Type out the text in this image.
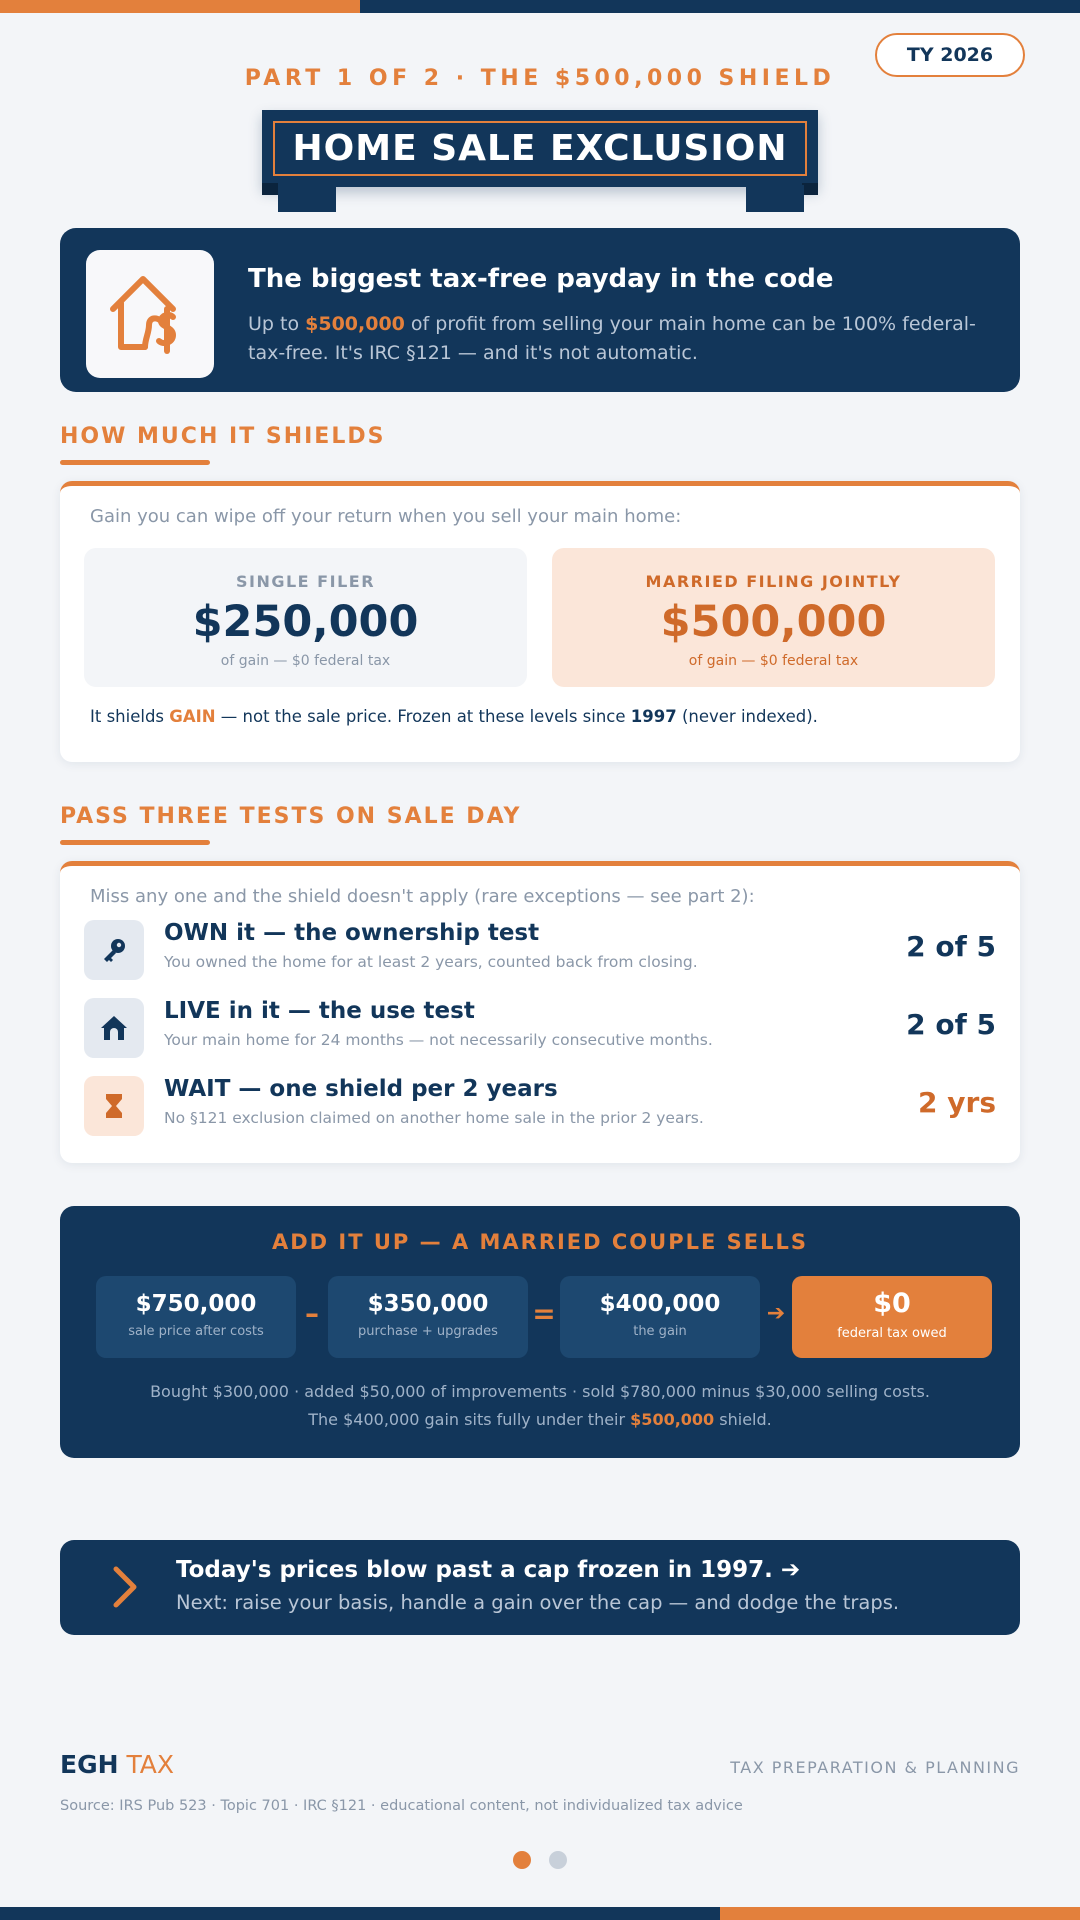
TY 2026
PART 1 OF 2 · THE $500,000 SHIELD
HOME SALE EXCLUSION
The biggest tax-free payday in the code
Up to $500,000 of profit from selling your main home can be 100% federal-tax-free. It's IRC §121 — and it's not automatic.
HOW MUCH IT SHIELDS
Gain you can wipe off your return when you sell your main home:
SINGLE FILER
$250,000
of gain — $0 federal tax
MARRIED FILING JOINTLY
$500,000
of gain — $0 federal tax
It shields GAIN — not the sale price. Frozen at these levels since 1997 (never indexed).
PASS THREE TESTS ON SALE DAY
Miss any one and the shield doesn't apply (rare exceptions — see part 2):
OWN it — the ownership test
You owned the home for at least 2 years, counted back from closing.	2 of 5
LIVE in it — the use test
Your main home for 24 months — not necessarily consecutive months.	2 of 5
WAIT — one shield per 2 years
No §121 exclusion claimed on another home sale in the prior 2 years.	2 yrs
ADD IT UP — A MARRIED COUPLE SELLS
$750,000
sale price after costs
–	$350,000
purchase + upgrades
=	$400,000
the gain
➔	$0
federal tax owed
Bought $300,000 · added $50,000 of improvements · sold $780,000 minus $30,000 selling costs.
The $400,000 gain sits fully under their $500,000 shield.
Today's prices blow past a cap frozen in 1997. ➔
Next: raise your basis, handle a gain over the cap — and dodge the traps.
EGH TAX	TAX PREPARATION & PLANNING
Source: IRS Pub 523 · Topic 701 · IRC §121 · educational content, not individualized tax advice
